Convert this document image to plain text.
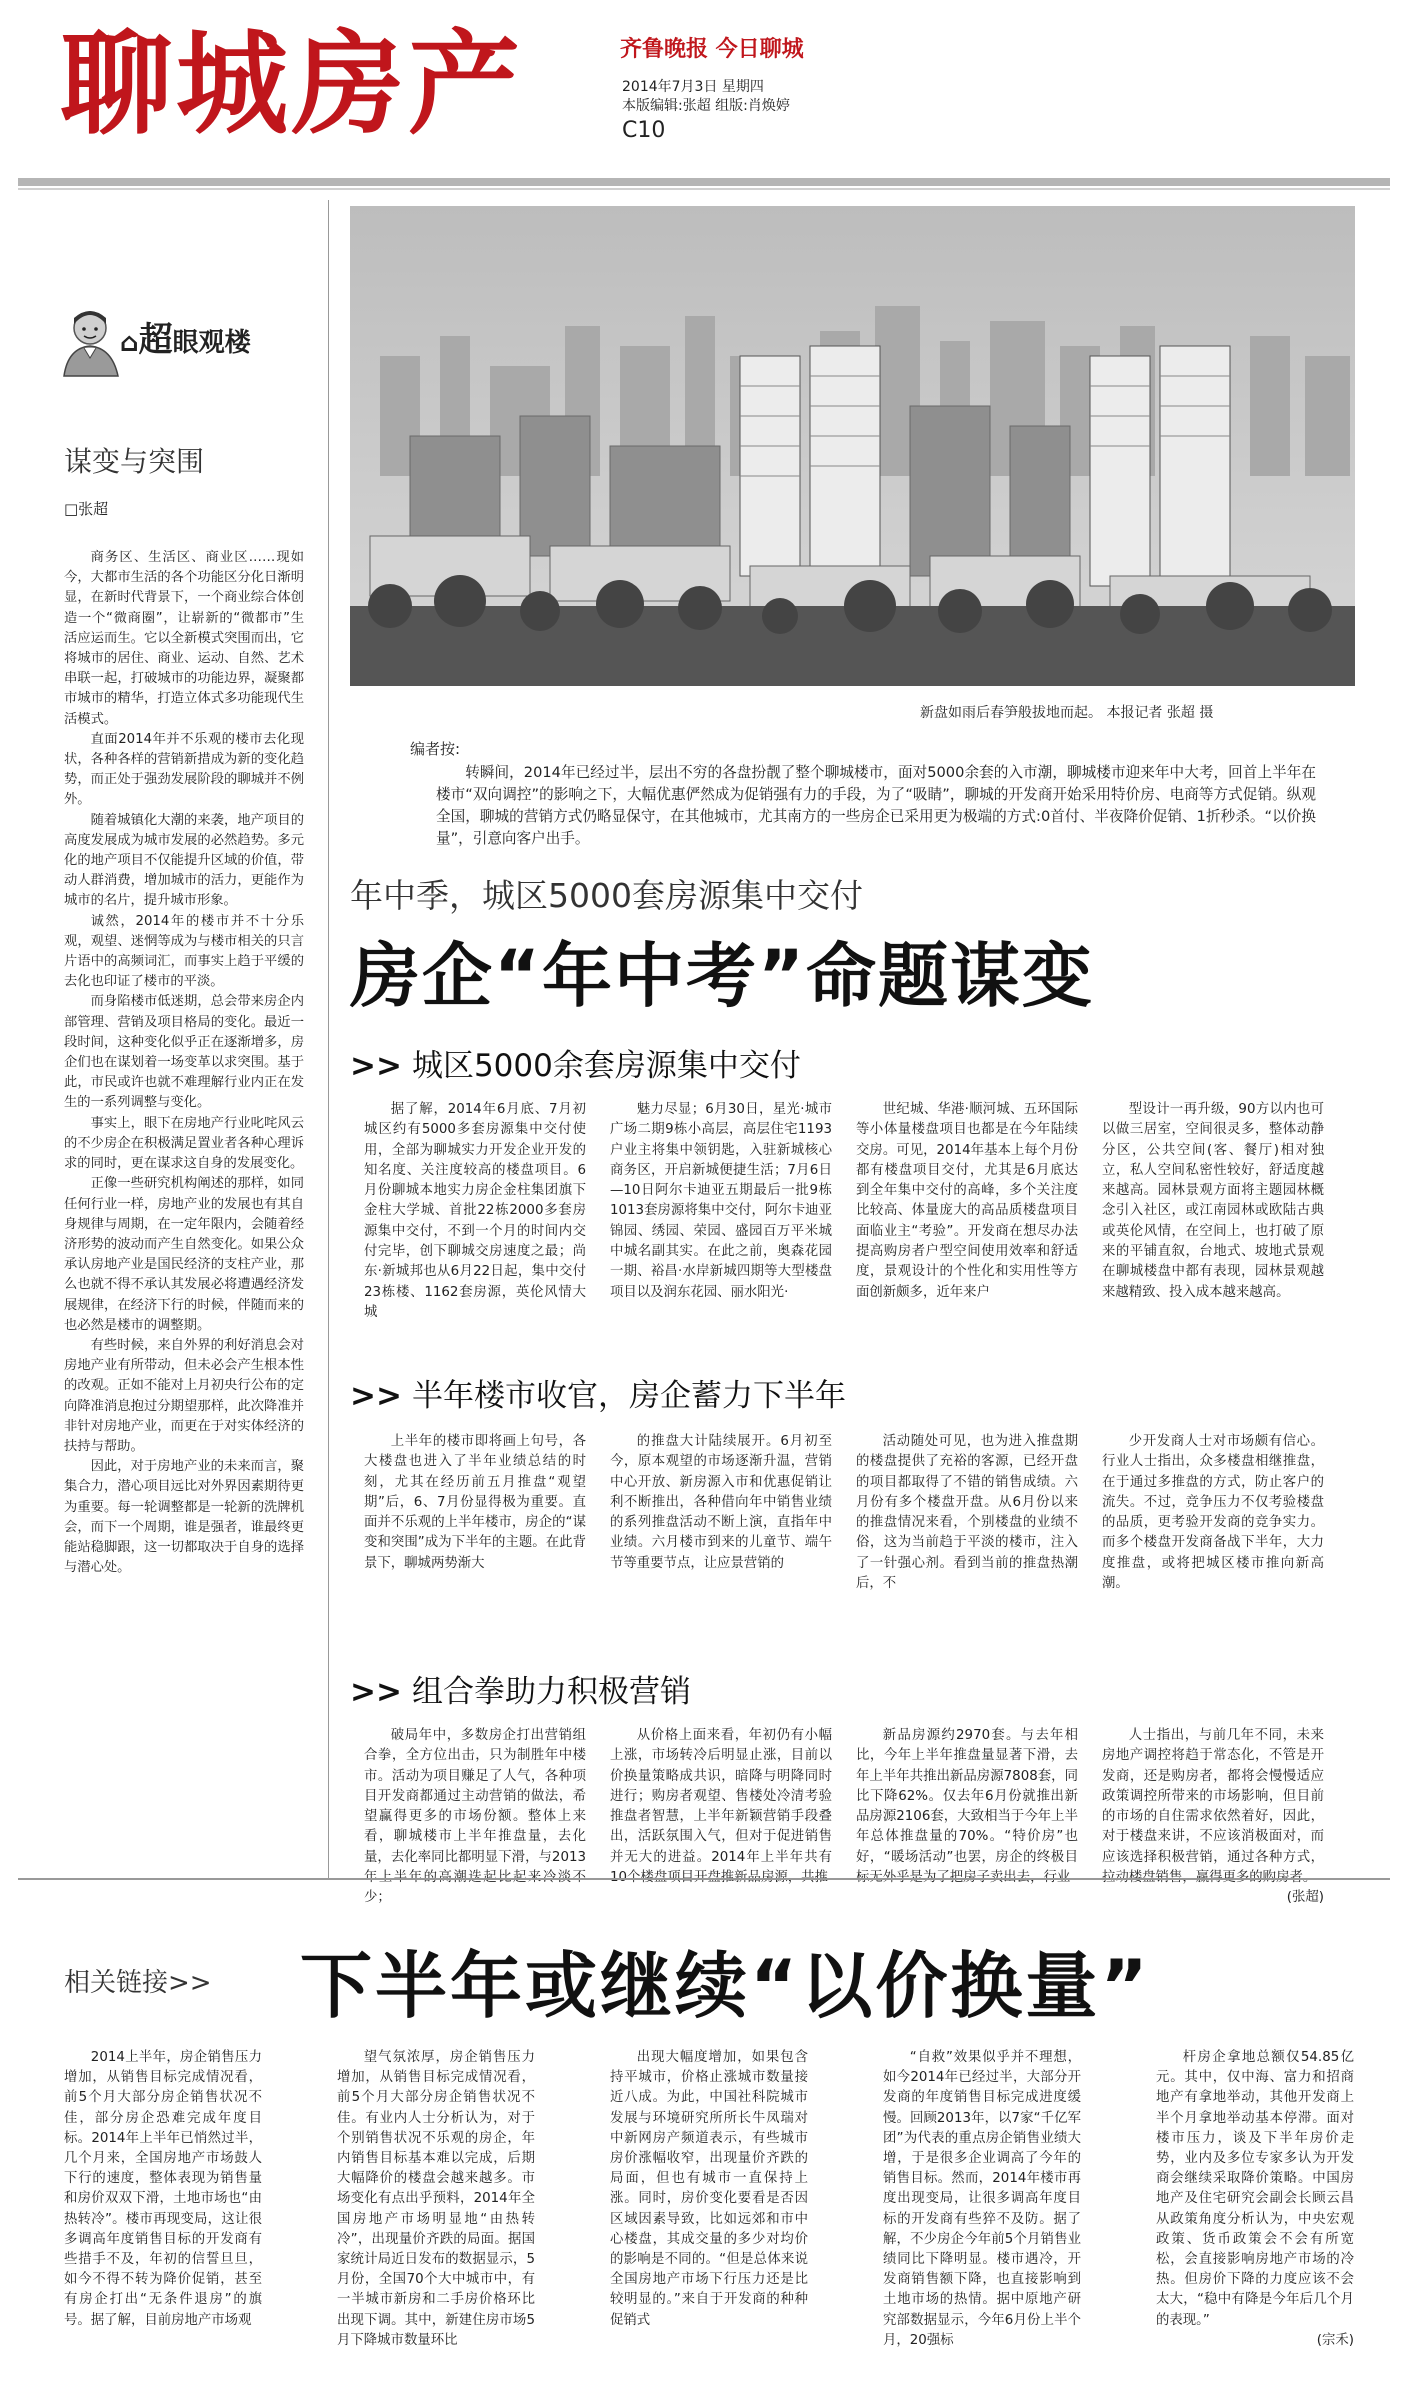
聊城房产	齐鲁晚报 今日聊城
2014年7月3日 星期四
本版编辑:张超 组版:肖焕婷
C10
⌂超眼观楼
谋变与突围
□张超

商务区、生活区、商业区……现如今，大都市生活的各个功能区分化日渐明显，在新时代背景下，一个商业综合体创造一个“微商圈”，让崭新的“微都市”生活应运而生。它以全新模式突围而出，它将城市的居住、商业、运动、自然、艺术串联一起，打破城市的功能边界，凝聚都市城市的精华，打造立体式多功能现代生活模式。

直面2014年并不乐观的楼市去化现状，各种各样的营销新措成为新的变化趋势，而正处于强劲发展阶段的聊城并不例外。

随着城镇化大潮的来袭，地产项目的高度发展成为城市发展的必然趋势。多元化的地产项目不仅能提升区域的价值，带动人群消费，增加城市的活力，更能作为城市的名片，提升城市形象。

诚然，2014年的楼市并不十分乐观，观望、迷惘等成为与楼市相关的只言片语中的高频词汇，而事实上趋于平缓的去化也印证了楼市的平淡。

而身陷楼市低迷期，总会带来房企内部管理、营销及项目格局的变化。最近一段时间，这种变化似乎正在逐渐增多，房企们也在谋划着一场变革以求突围。基于此，市民或许也就不难理解行业内正在发生的一系列调整与变化。

事实上，眼下在房地产行业叱咤风云的不少房企在积极满足置业者各种心理诉求的同时，更在谋求这自身的发展变化。

正像一些研究机构阐述的那样，如同任何行业一样，房地产业的发展也有其自身规律与周期，在一定年限内，会随着经济形势的波动而产生自然变化。如果公众承认房地产业是国民经济的支柱产业，那么也就不得不承认其发展必将遭遇经济发展规律，在经济下行的时候，伴随而来的也必然是楼市的调整期。

有些时候，来自外界的利好消息会对房地产业有所带动，但未必会产生根本性的改观。正如不能对上月初央行公布的定向降准消息抱过分期望那样，此次降准并非针对房地产业，而更在于对实体经济的扶持与帮助。

因此，对于房地产业的未来而言，聚集合力，潜心项目远比对外界因素期待更为重要。每一轮调整都是一轮新的洗牌机会，而下一个周期，谁是强者，谁最终更能站稳脚跟，这一切都取决于自身的选择与潜心处。

新盘如雨后春笋般拔地而起。 本报记者 张超 摄
编者按:

转瞬间，2014年已经过半，层出不穷的各盘扮靓了整个聊城楼市，面对5000余套的入市潮，聊城楼市迎来年中大考，回首上半年在楼市“双向调控”的影响之下，大幅优惠俨然成为促销强有力的手段，为了“吸睛”，聊城的开发商开始采用特价房、电商等方式促销。纵观全国，聊城的营销方式仍略显保守，在其他城市，尤其南方的一些房企已采用更为极端的方式:0首付、半夜降价促销、1折秒杀。“以价换量”，引意向客户出手。

年中季，城区5000套房源集中交付
房企“年中考”命题谋变
>> 城区5000余套房源集中交付

据了解，2014年6月底、7月初城区约有5000多套房源集中交付使用，全部为聊城实力开发企业开发的知名度、关注度较高的楼盘项目。6月份聊城本地实力房企金柱集团旗下金柱大学城、首批22栋2000多套房源集中交付，不到一个月的时间内交付完毕，创下聊城交房速度之最；尚东·新城邦也从6月22日起，集中交付23栋楼、1162套房源，英伦风情大城

魅力尽显；6月30日，星光·城市广场二期9栋小高层，高层住宅1193户业主将集中领钥匙，入驻新城核心商务区，开启新城便捷生活；7月6日—10日阿尔卡迪亚五期最后一批9栋1013套房源将集中交付，阿尔卡迪亚锦园、绣园、荣园、盛园百万平米城中城名副其实。在此之前，奥森花园一期、裕昌·水岸新城四期等大型楼盘项目以及润东花园、丽水阳光·

世纪城、华港·顺河城、五环国际等小体量楼盘项目也都是在今年陆续交房。可见，2014年基本上每个月份都有楼盘项目交付，尤其是6月底达到全年集中交付的高峰，多个关注度比较高、体量庞大的高品质楼盘项目面临业主“考验”。开发商在想尽办法提高购房者户型空间使用效率和舒适度，景观设计的个性化和实用性等方面创新颇多，近年来户

型设计一再升级，90方以内也可以做三居室，空间很灵多，整体动静分区，公共空间(客、餐厅)相对独立，私人空间私密性较好，舒适度越来越高。园林景观方面将主题园林概念引入社区，或江南园林或欧陆古典或英伦风情，在空间上，也打破了原来的平铺直叙，台地式、坡地式景观在聊城楼盘中都有表现，园林景观越来越精致、投入成本越来越高。

>> 半年楼市收官，房企蓄力下半年

上半年的楼市即将画上句号，各大楼盘也进入了半年业绩总结的时刻，尤其在经历前五月推盘“观望期”后，6、7月份显得极为重要。直面并不乐观的上半年楼市，房企的“谋变和突围”成为下半年的主题。在此背景下，聊城两势渐大

的推盘大计陆续展开。6月初至今，原本观望的市场逐渐升温，营销中心开放、新房源入市和优惠促销让利不断推出，各种借向年中销售业绩的系列推盘活动不断上演，直指年中业绩。六月楼市到来的儿童节、端午节等重要节点，让应景营销的

活动随处可见，也为进入推盘期的楼盘提供了充裕的客源，已经开盘的项目都取得了不错的销售成绩。六月份有多个楼盘开盘。从6月份以来的推盘情况来看，个别楼盘的业绩不俗，这为当前趋于平淡的楼市，注入了一针强心剂。看到当前的推盘热潮后，不

少开发商人士对市场颇有信心。行业人士指出，众多楼盘相继推盘，在于通过多推盘的方式，防止客户的流失。不过，竞争压力不仅考验楼盘的品质，更考验开发商的竞争实力。而多个楼盘开发商备战下半年，大力度推盘，或将把城区楼市推向新高潮。

>> 组合拳助力积极营销

破局年中，多数房企打出营销组合拳，全方位出击，只为制胜年中楼市。活动为项目赚足了人气，各种项目开发商都通过主动营销的做法，希望赢得更多的市场份额。整体上来看，聊城楼市上半年推盘量，去化量，去化率同比都明显下滑，与2013 少；

从价格上面来看，年初仍有小幅上涨，市场转冷后明显止涨，目前以价换量策略成共识，暗降与明降同时进行；购房者观望、售楼处冷清考验推盘者智慧，上半年新颖营销手段叠出，活跃氛围入气，但对于促进销售并无大的进益。2014年上半年共有

新品房源约2970套。与去年相比，今年上半年推盘量显著下滑，去年上半年共推出新品房源7808套，同比下降62%。仅去年6月份就推出新品房源2106套，大致相当于今年上半年总体推盘量的70%。“特价房”也好，“暖场活动”也罢，房企的终极目

人士指出，与前几年不同，未来房地产调控将趋于常态化，不管是开发商，还是购房者，都将会慢慢适应政策调控所带来的市场影响，但目前的市场的自住需求依然着好，因此，对于楼盘来讲，不应该消极面对，而应该选择积极营销，通过各种方式，

(张超)
相关链接>> 下半年或继续“以价换量”

2014上半年，房企销售压力增加，从销售目标完成情况看，前5个月大部分房企销售状况不佳，部分房企恐难完成年度目标。2014年上半年已悄然过半，几个月来，全国房地产市场鼓人下行的速度，整体表现为销售量和房价双双下滑，土地市场也“由热转冷”。楼市再现变局，这让很多调高年度销售目标的开发商有些措手不及，年初的信誓旦旦，如今不得不转为降价促销，甚至有房企打出“无条件退房”的旗号。据了解，目前房地产市场观

望气氛浓厚，房企销售压力增加，从销售目标完成情况看，前5个月大部分房企销售状况不佳。有业内人士分析认为，对于个别销售状况不乐观的房企，年内销售目标基本难以完成，后期大幅降价的楼盘会越来越多。市场变化有点出乎预料，2014年全国房地产市场明显地“由热转冷”，出现量价齐跌的局面。据国家统计局近日发布的数据显示，5月份，全国70个大中城市中，有一半城市新房和二手房价格环比出现下调。其中，新建住房市场5月下降城市数量环比

出现大幅度增加，如果包含持平城市，价格止涨城市数量接近八成。为此，中国社科院城市发展与环境研究所所长牛凤瑞对中新网房产频道表示，有些城市房价涨幅收窄，出现量价齐跌的局面，但也有城市一直保持上涨。同时，房价变化要看是否因区域因素导致，比如远郊和市中心楼盘，其成交量的多少对均价的影响是不同的。“但是总体来说全国房地产市场下行压力还是比较明显的。”来自于开发商的种种促销式

“自救”效果似乎并不理想，如今2014年已经过半，大部分开发商的年度销售目标完成进度缓慢。回顾2013年，以7家“千亿军团”为代表的重点房企销售业绩大增，于是很多企业调高了今年的销售目标。然而，2014年楼市再度出现变局，让很多调高年度目标的开发商有些猝不及防。据了解，不少房企今年前5个月销售业绩同比下降明显。楼市遇冷，开发商销售额下降，也直接影响到土地市场的热情。据中原地产研究部数据显示，今年6月份上半个月，20强标

杆房企拿地总额仅54.85亿元。其中，仅中海、富力和招商地产有拿地举动，其他开发商上半个月拿地举动基本停滞。面对楼市压力，谈及下半年房价走势，业内及多位专家多认为开发商会继续采取降价策略。中国房地产及住宅研究会副会长顾云昌从政策角度分析认为，中央宏观政策、货币政策会不会有所宽松，会直接影响房地产市场的冷热。但房价下降的力度应该不会太大，“稳中有降是今年后几个月的表现。”

(宗禾)
